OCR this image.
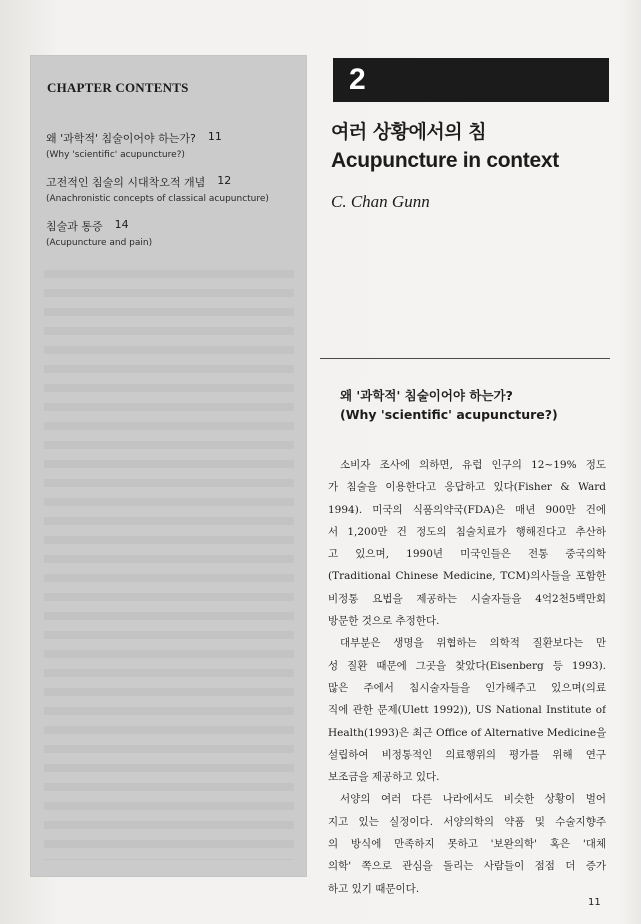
CHAPTER CONTENTS
왜 '과학적' 침술이어야 하는가? 11
(Why 'scientific' acupuncture?)
고전적인 침술의 시대착오적 개념 12
(Anachronistic concepts of classical acupuncture)
침술과 통증 14
(Acupuncture and pain)
2
여러 상황에서의 침
Acupuncture in context
C. Chan Gunn
왜 '과학적' 침술이어야 하는가?
(Why 'scientific' acupuncture?)
소비자 조사에 의하면, 유럽 인구의 12~19% 정도
가 침술을 이용한다고 응답하고 있다(Fisher & Ward
1994). 미국의 식품의약국(FDA)은 매년 900만 건에
서 1,200만 건 정도의 침술치료가 행해진다고 추산하
고 있으며, 1990년 미국인들은 전통 중국의학
(Traditional Chinese Medicine, TCM)의사들을 포함한
비정통 요법을 제공하는 시술자들을 4억2천5백만회
방문한 것으로 추정한다.
대부분은 생명을 위협하는 의학적 질환보다는 만
성 질환 때문에 그곳을 찾았다(Eisenberg 등 1993).
많은 주에서 침시술자들을 인가해주고 있으며(의료
직에 관한 문제(Ulett 1992)), US National Institute of
Health(1993)은 최근 Office of Alternative Medicine을
설립하여 비정통적인 의료행위의 평가를 위해 연구
보조금을 제공하고 있다.
서양의 여러 다른 나라에서도 비슷한 상황이 벌어
지고 있는 실정이다. 서양의학의 약품 및 수술지향주
의 방식에 만족하지 못하고 '보완의학' 혹은 '대체
의학' 쪽으로 관심을 돌리는 사람들이 점점 더 증가
하고 있기 때문이다.
11
